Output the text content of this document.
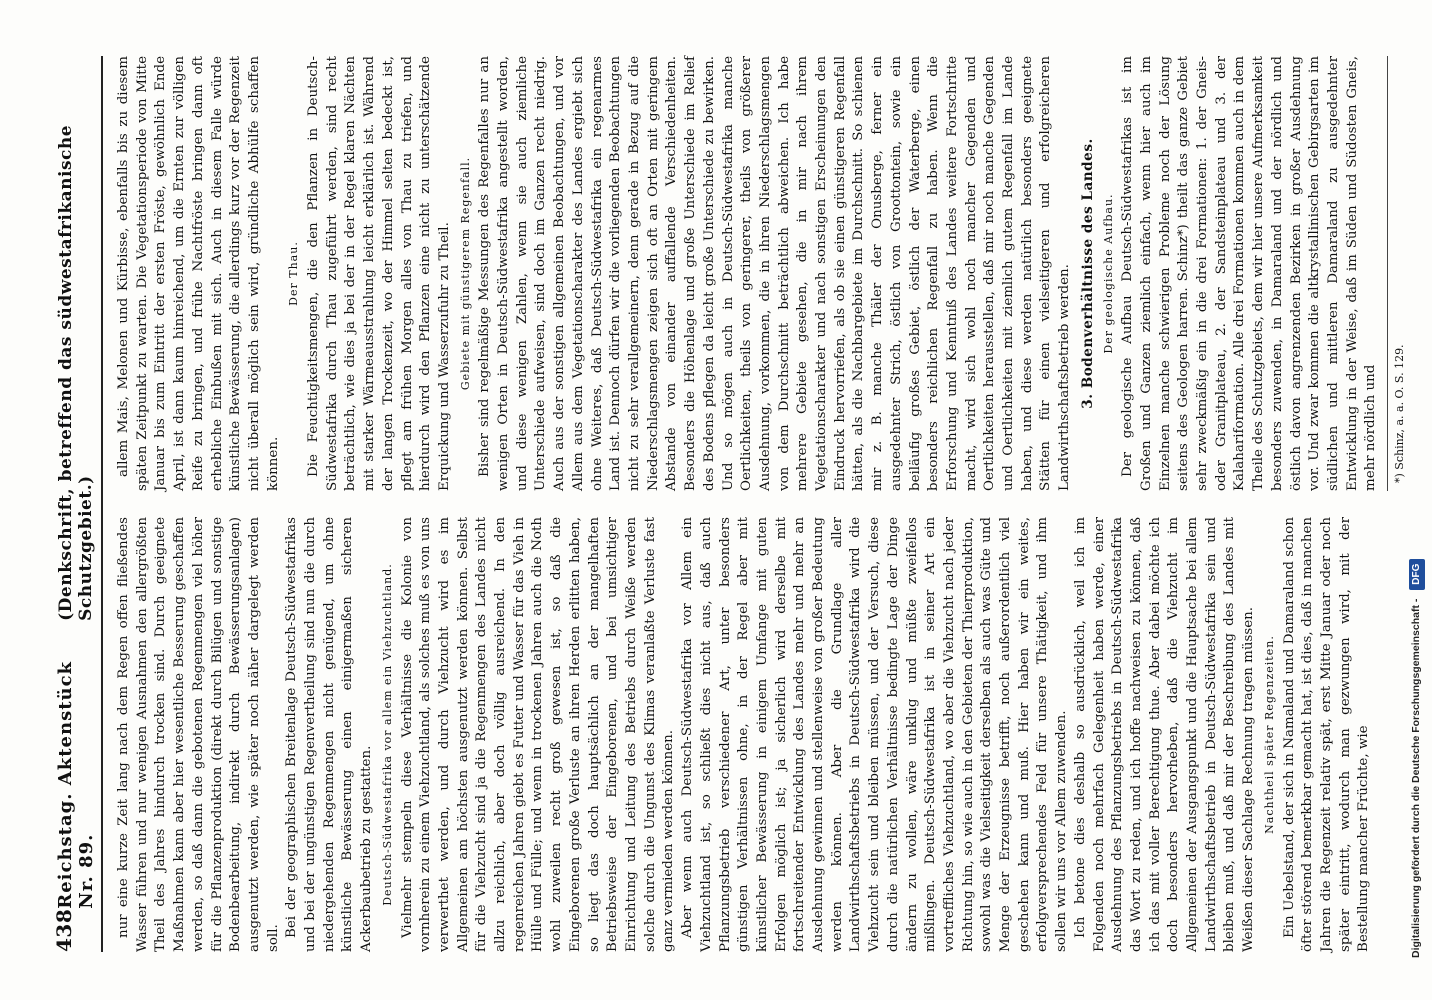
438
Reichstag. Aktenstück Nr. 89.
(Denkschrift, betreffend das südwestafrikanische Schutzgebiet.) nur eine kurze Zeit lang nach dem Regen offen fließendes Wasser führen und nur wenigen Ausnahmen den allergrößten Theil des Jahres hindurch trocken sind. Durch geeignete Maßnahmen kann aber hier wesentliche Besserung geschaffen werden, so daß dann die gebotenen Regenmengen viel höher für die Pflanzenproduktion (direkt durch Bilügen und sonstige Bodenbearbeitung, indirekt durch Bewässerungsanlagen) ausgenutzt werden, wie später noch näher dargelegt werden soll.

Bei der geographischen Breitenlage Deutsch-Südwestafrikas und bei der ungünstigen Regenvertheilung sind nun die durch niedergehenden Regenmengen nicht genügend, um ohne künstliche Bewässerung einen einigermaßen sicheren Ackerbaubetrieb zu gestatten. Deutsch-Südwestafrika vor allem ein Viehzuchtland. Vielmehr stempeln diese Verhältnisse die Kolonie von vornherein zu einem Viehzuchtland, als solches muß es von uns verwerthet werden, und durch Viehzucht wird es im Allgemeinen am höchsten ausgenutzt werden können. Selbst für die Viehzucht sind ja die Regenmengen des Landes nicht allzu reichlich, aber doch völlig ausreichend. In den regenreichen Jahren giebt es Futter und Wasser für das Vieh in Hülle und Fülle; und wenn in trockenen Jahren auch die Noth wohl zuweilen recht groß gewesen ist, so daß die Eingeborenen große Verluste an ihren Herden erlitten haben, so liegt das doch hauptsächlich an der mangelhaften Betriebsweise der Eingeborenen, und bei umsichtiger Einrichtung und Leitung des Betriebs durch Weiße werden solche durch die Ungunst des Klimas veranlaßte Verluste fast ganz vermieden werden können. Aber wenn auch Deutsch-Südwestafrika vor Allem ein Viehzuchtland ist, so schließt dies nicht aus, daß auch Pflanzungsbetrieb verschiedener Art, unter besonders günstigen Verhältnissen ohne, in der Regel aber mit künstlicher Bewässerung in einigem Umfange mit guten Erfolgen möglich ist; ja sicherlich wird derselbe mit fortschreitender Entwicklung des Landes mehr und mehr an Ausdehnung gewinnen und stellenweise von großer Bedeutung werden können. Aber die Grundlage aller Landwirthschaftsbetriebs in Deutsch-Südwestafrika wird die Viehzucht sein und bleiben müssen, und der Versuch, diese durch die natürlichen Verhältnisse bedingte Lage der Dinge ändern zu wollen, wäre unklug und müßte zweifellos mißlingen. Deutsch-Südwestafrika ist in seiner Art ein vortreffliches Viehzuchtland, wo aber die Viehzucht nach jeder Richtung hin, so wie auch in den Gebieten der Thierproduktion, sowohl was die Vielseitigkeit derselben als auch was Güte und Menge der Erzeugnisse betrifft, noch außerordentlich viel geschehen kann und muß. Hier haben wir ein weites, erfolgversprechendes Feld für unsere Thätigkeit, und ihm sollen wir uns vor Allem zuwenden. Ich betone dies deshalb so ausdrücklich, weil ich im Folgenden noch mehrfach Gelegenheit haben werde, einer Ausdehnung des Pflanzungsbetriebs in Deutsch-Südwestafrika das Wort zu reden, und ich hoffe nachweisen zu können, daß ich das mit voller Berechtigung thue. Aber dabei möchte ich doch besonders hervorheben, daß die Viehzucht im Allgemeinen der Ausgangspunkt und die Hauptsache bei allem Landwirthschaftsbetrieb in Deutsch-Südwestafrika sein und bleiben muß, und daß mir der Beschreibung des Landes mit Weißen dieser Sachlage Rechnung tragen müssen. Nachtheil später Regenzeiten. Ein Uebelstand, der sich in Namaland und Damaraland schon öfter störend bemerkbar gemacht hat, ist dies, daß in manchen Jahren die Regenzeit relativ spät, erst Mitte Januar oder noch später eintritt, wodurch man gezwungen wird, mit der Bestellung mancher Früchte, wie

allem Mais, Melonen und Kürbisse, ebenfalls bis zu diesem späten Zeitpunkt zu warten. Die Vegetationsperiode von Mitte Januar bis zum Eintritt der ersten Fröste, gewöhnlich Ende April, ist dann kaum hinreichend, um die Ernten zur völligen Reife zu bringen, und frühe Nachtfröste bringen dann oft erhebliche Einbußen mit sich. Auch in diesem Falle würde künstliche Bewässerung, die allerdings kurz vor der Regenzeit nicht überall möglich sein wird, gründliche Abhülfe schaffen können.

Der Thau. Die Feuchtigkeitsmengen, die den Pflanzen in Deutsch-Südwestafrika durch Thau zugeführt werden, sind recht beträchtlich, wie dies ja bei der in der Regel klaren Nächten mit starker Wärmeausstrahlung leicht erklärlich ist. Während der langen Trockenzeit, wo der Himmel selten bedeckt ist, pflegt am frühen Morgen alles von Thau zu triefen, und hierdurch wird den Pflanzen eine nicht zu unterschätzende Erquickung und Wasserzufuhr zu Theil. Gebiete mit günstigerem Regenfall. Bisher sind regelmäßige Messungen des Regenfalles nur an wenigen Orten in Deutsch-Südwestafrika angestellt worden, und diese wenigen Zahlen, wenn sie auch ziemliche Unterschiede aufweisen, sind doch im Ganzen recht niedrig. Auch aus der sonstigen allgemeinen Beobachtungen, und vor Allem aus dem Vegetationscharakter des Landes ergiebt sich ohne Weiteres, daß Deutsch-Südwestafrika ein regenarmes Land ist. Dennoch dürfen wir die vorliegenden Beobachtungen nicht zu sehr verallgemeinern, denn gerade in Bezug auf die Niederschlagsmengen zeigen sich oft an Orten mit geringem Abstande von einander auffallende Verschiedenheiten. Besonders die Höhenlage und große Unterschiede im Relief des Bodens pflegen da leicht große Unterschiede zu bewirken. Und so mögen auch in Deutsch-Südwestafrika manche Oertlichkeiten, theils von geringerer, theils von größerer Ausdehnung, vorkommen, die in ihren Niederschlagsmengen von dem Durchschnitt beträchtlich abweichen. Ich habe mehrere Gebiete gesehen, die in mir nach ihrem Vegetationscharakter und nach sonstigen Erscheinungen den Eindruck hervorriefen, als ob sie einen günstigeren Regenfall hätten, als die Nachbargebiete im Durchschnitt. So schienen mir z. B. manche Thäler der Onusberge, ferner ein ausgedehnter Strich, östlich von Groottontein, sowie ein beiläufig großes Gebiet, östlich der Waterberge, einen besonders reichlichen Regenfall zu haben. Wenn die Erforschung und Kenntniß des Landes weitere Fortschritte macht, wird sich wohl noch mancher Gegenden und Oertlichkeiten herausstellen, daß mir noch manche Gegenden und Oertlichkeiten mit ziemlich gutem Regenfall im Lande haben, und diese werden natürlich besonders geeignete Stätten für einen vielseitigeren und erfolgreicheren Landwirthschaftsbetrieb werden. 3. Bodenverhältnisse des Landes. Der geologische Aufbau. Der geologische Aufbau Deutsch-Südwestafrikas ist im Großen und Ganzen ziemlich einfach, wenn hier auch im Einzelnen manche schwierigen Probleme noch der Lösung seitens des Geologen harren. Schinz*) theilt das ganze Gebiet sehr zweckmäßig ein in die drei Formationen: 1. der Gneis- oder Granitplateau, 2. der Sandsteinplateau und 3. der Kalahariformation. Alle drei Formationen kommen auch in dem Theile des Schutzgebiets, dem wir hier unsere Aufmerksamkeit besonders zuwenden, in Damaraland und der nördlich und östlich davon angrenzenden Bezirken in großer Ausdehnung vor. Und zwar kommen die altkrystallinischen Gebirgsarten im südlichen und mittleren Damaraland zu ausgedehnter Entwicklung in der Weise, daß im Süden und Südosten Gneis, mehr nördlich und	*) Schinz, a. a. O. S. 129.
Digitalisierung gefördert durch die Deutsche Forschungsgemeinschaft - DFG
